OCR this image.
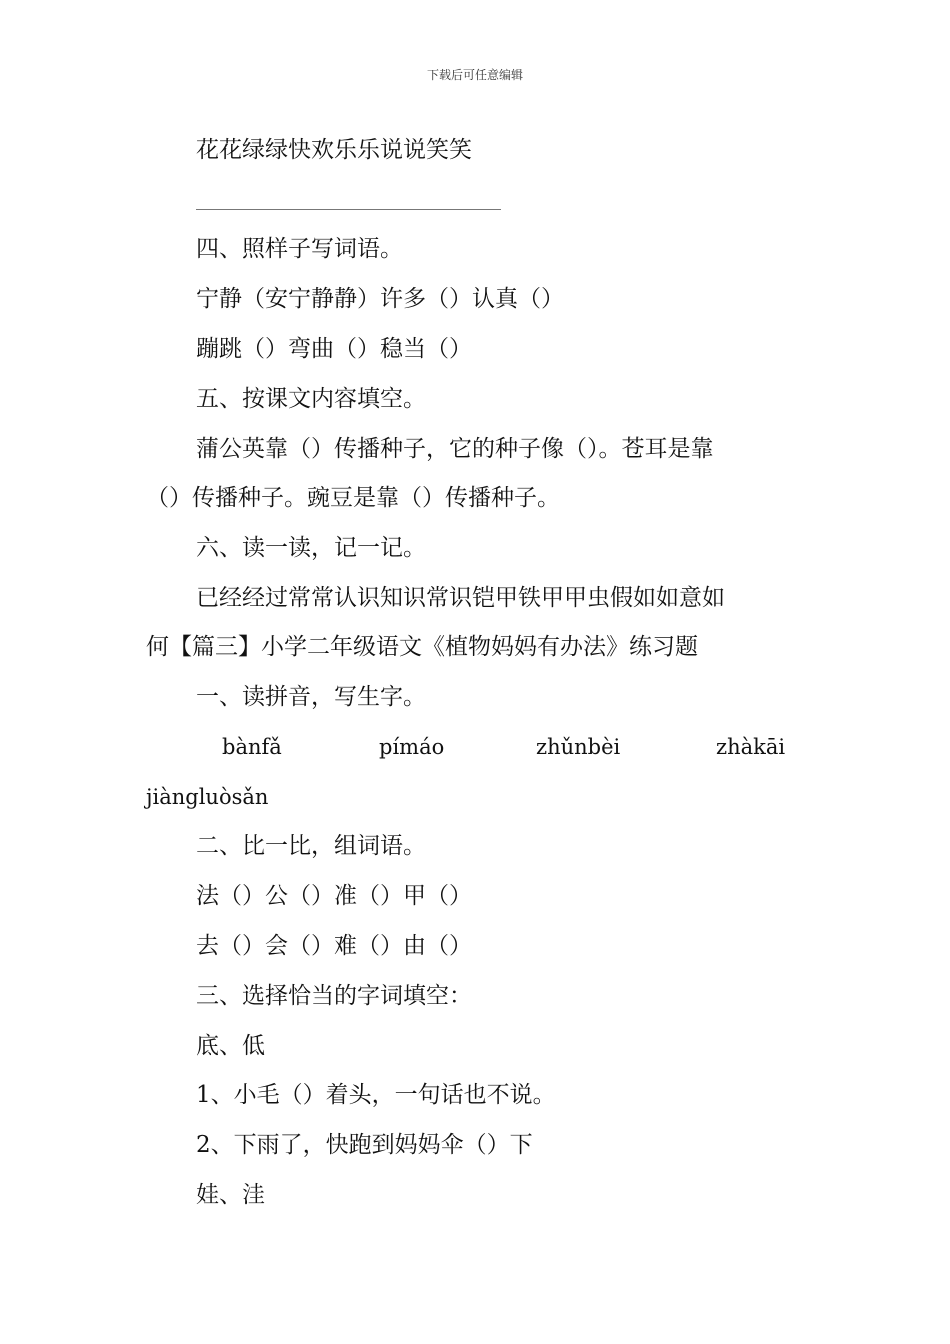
下载后可任意编辑
花花绿绿快欢乐乐说说笑笑
四、照样子写词语。
宁静（安宁静静）许多（）认真（）
蹦跳（）弯曲（）稳当（）
五、按课文内容填空。
蒲公英靠（）传播种子，它的种子像（）。苍耳是靠
（）传播种子。豌豆是靠（）传播种子。
六、读一读，记一记。
已经经过常常认识知识常识铠甲铁甲甲虫假如如意如
何【篇三】小学二年级语文《植物妈妈有办法》练习题
一、读拼音，写生字。
bànfǎ	pímáo	zhǔnbèi	zhàkāi
jiàngluòsǎn
二、比一比，组词语。
法（）公（）准（）甲（）
去（）会（）难（）由（）
三、选择恰当的字词填空：
底、低
1、小毛（）着头，一句话也不说。
2、下雨了，快跑到妈妈伞（）下
娃、洼
